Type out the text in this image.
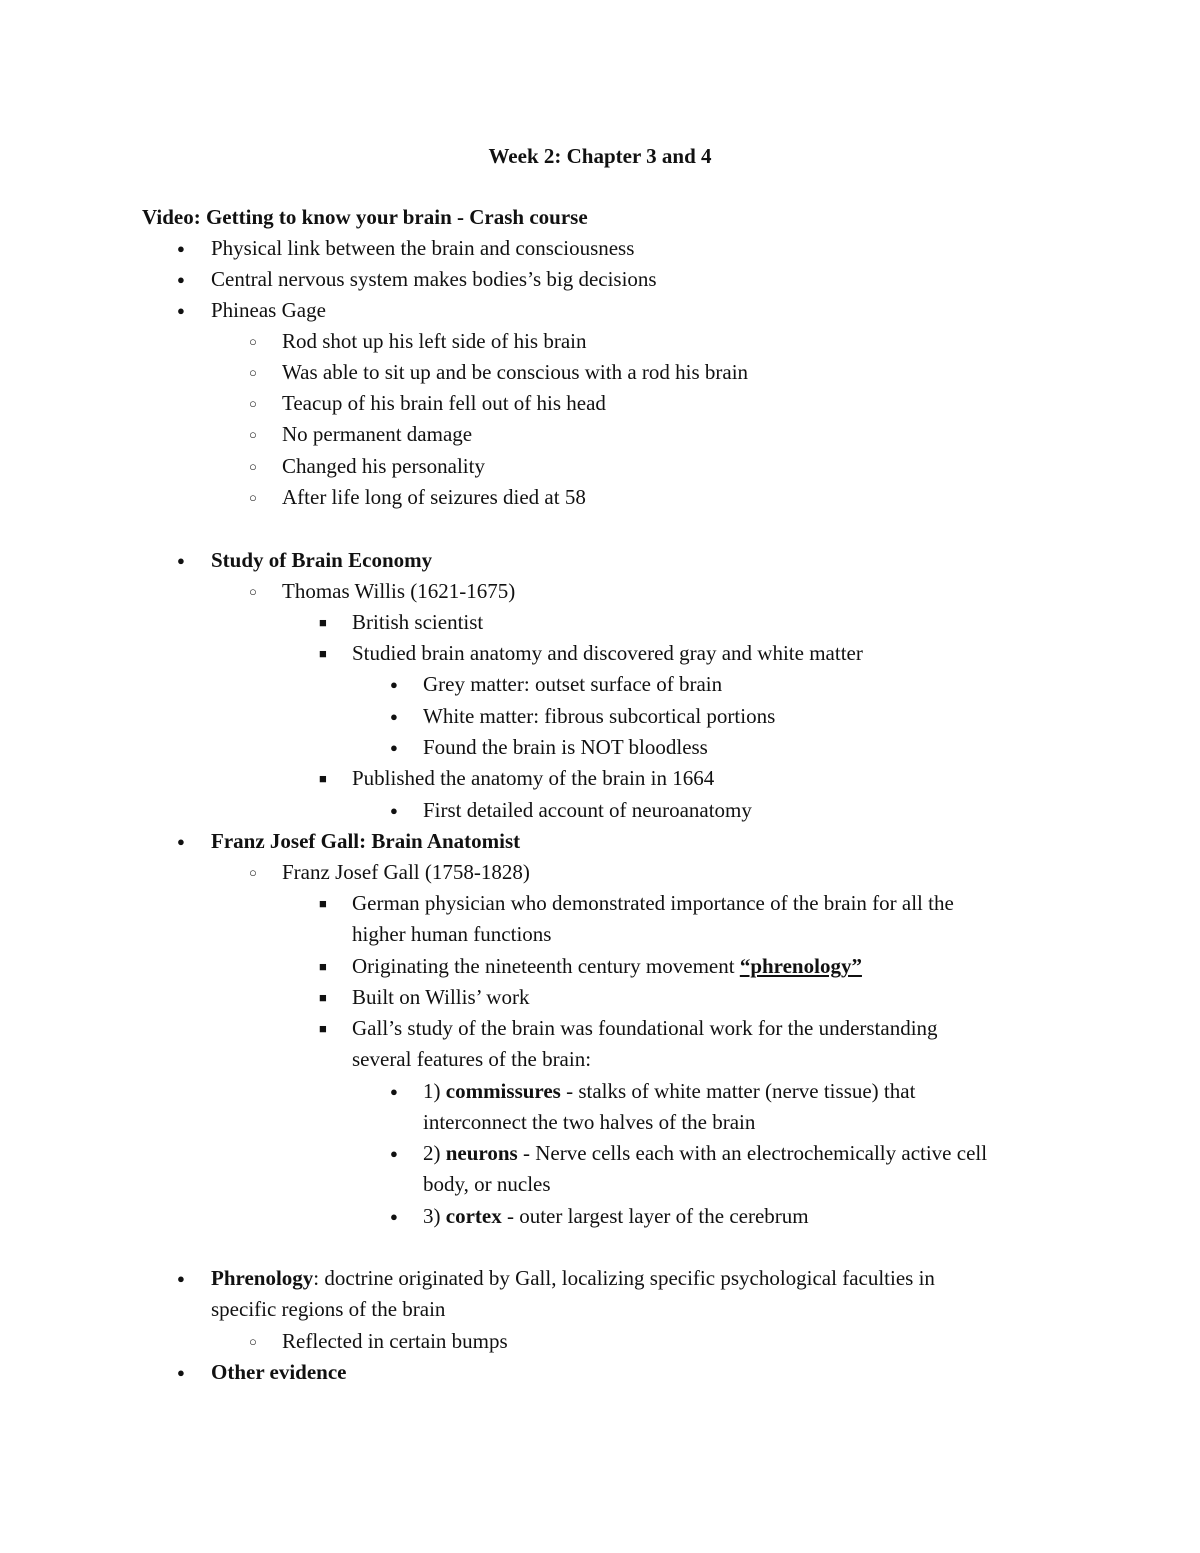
Week 2: Chapter 3 and 4
Video: Getting to know your brain - Crash course
● Physical link between the brain and consciousness
● Central nervous system makes bodies’s big decisions
● Phineas Gage
○ Rod shot up his left side of his brain
○ Was able to sit up and be conscious with a rod his brain
○ Teacup of his brain fell out of his head
○ No permanent damage
○ Changed his personality
○ After life long of seizures died at 58
● Study of Brain Economy
○ Thomas Willis (1621-1675)
■ British scientist
■ Studied brain anatomy and discovered gray and white matter
● Grey matter: outset surface of brain
● White matter: fibrous subcortical portions
● Found the brain is NOT bloodless
■ Published the anatomy of the brain in 1664
● First detailed account of neuroanatomy
● Franz Josef Gall: Brain Anatomist
○ Franz Josef Gall (1758-1828)
■ German physician who demonstrated importance of the brain for all the
higher human functions
■ Originating the nineteenth century movement “phrenology”
■ Built on Willis’ work
■ Gall’s study of the brain was foundational work for the understanding
several features of the brain:
● 1) commissures - stalks of white matter (nerve tissue) that
interconnect the two halves of the brain
● 2) neurons - Nerve cells each with an electrochemically active cell
body, or nucles
● 3) cortex - outer largest layer of the cerebrum
● Phrenology: doctrine originated by Gall, localizing specific psychological faculties in
specific regions of the brain
○ Reflected in certain bumps
● Other evidence
